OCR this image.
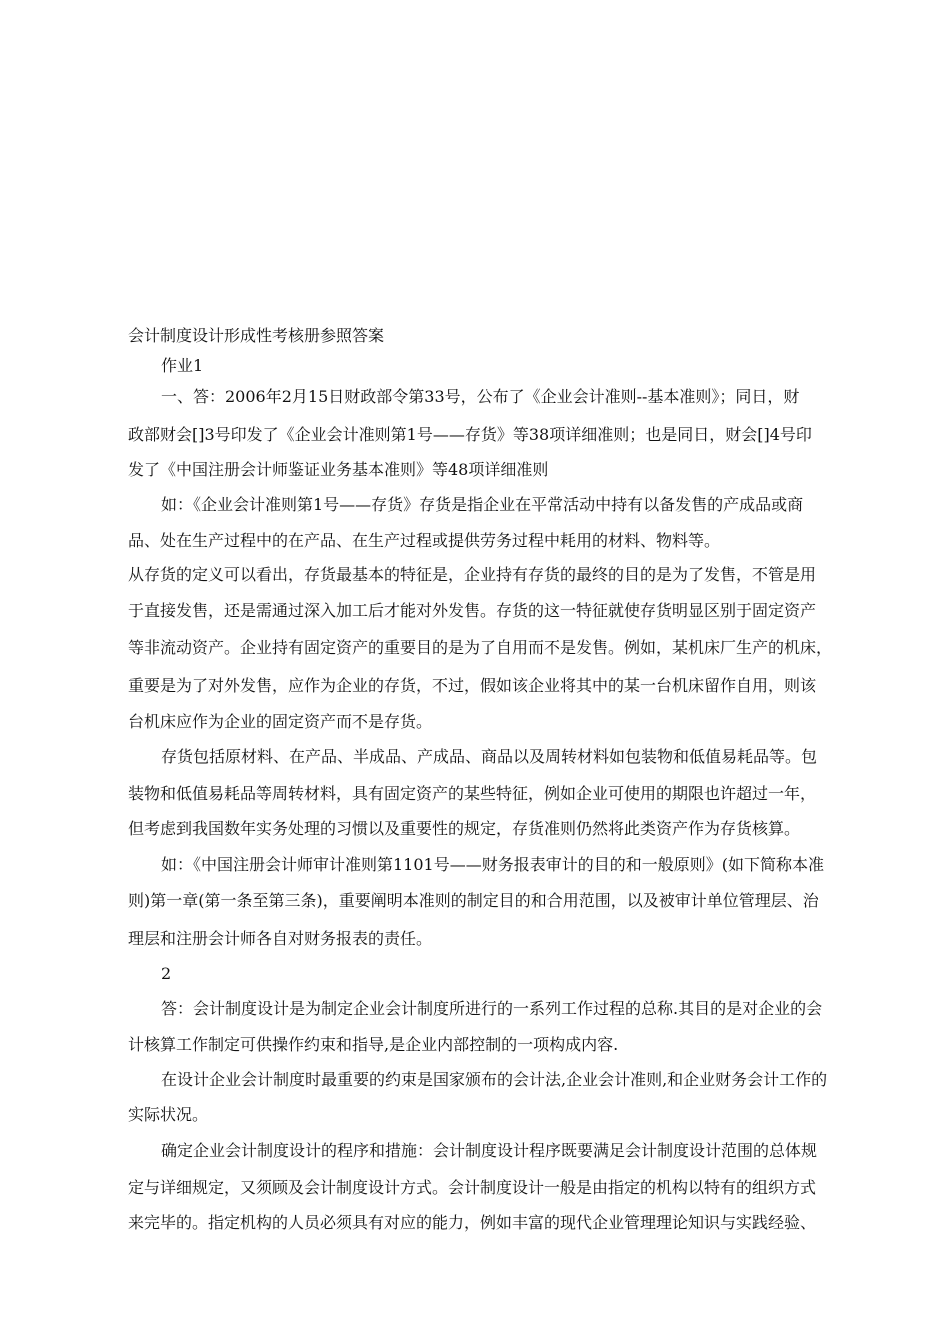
会计制度设计形成性考核册参照答案
作业1
一、答：2006年2月15日财政部令第33号，公布了《企业会计准则--基本准则》；同日，财
政部财会[]3号印发了《企业会计准则第1号——存货》等38项详细准则；也是同日，财会[]4号印
发了《中国注册会计师鉴证业务基本准则》等48项详细准则
如：《企业会计准则第1号——存货》存货是指企业在平常活动中持有以备发售的产成品或商
品、处在生产过程中的在产品、在生产过程或提供劳务过程中耗用的材料、物料等。
从存货的定义可以看出，存货最基本的特征是，企业持有存货的最终的目的是为了发售，不管是用
于直接发售，还是需通过深入加工后才能对外发售。存货的这一特征就使存货明显区别于固定资产
等非流动资产。企业持有固定资产的重要目的是为了自用而不是发售。例如，某机床厂生产的机床，
重要是为了对外发售，应作为企业的存货，不过，假如该企业将其中的某一台机床留作自用，则该
台机床应作为企业的固定资产而不是存货。
存货包括原材料、在产品、半成品、产成品、商品以及周转材料如包装物和低值易耗品等。包
装物和低值易耗品等周转材料，具有固定资产的某些特征，例如企业可使用的期限也许超过一年，
但考虑到我国数年实务处理的习惯以及重要性的规定，存货准则仍然将此类资产作为存货核算。
如：《中国注册会计师审计准则第1101号——财务报表审计的目的和一般原则》(如下简称本准
则)第一章(第一条至第三条)，重要阐明本准则的制定目的和合用范围，以及被审计单位管理层、治
理层和注册会计师各自对财务报表的责任。
2
答：会计制度设计是为制定企业会计制度所进行的一系列工作过程的总称.其目的是对企业的会
计核算工作制定可供操作约束和指导,是企业内部控制的一项构成内容.
在设计企业会计制度时最重要的约束是国家颁布的会计法,企业会计准则,和企业财务会计工作的
实际状况。
确定企业会计制度设计的程序和措施：会计制度设计程序既要满足会计制度设计范围的总体规
定与详细规定，又须顾及会计制度设计方式。会计制度设计一般是由指定的机构以特有的组织方式
来完毕的。指定机构的人员必须具有对应的能力，例如丰富的现代企业管理理论知识与实践经验、
